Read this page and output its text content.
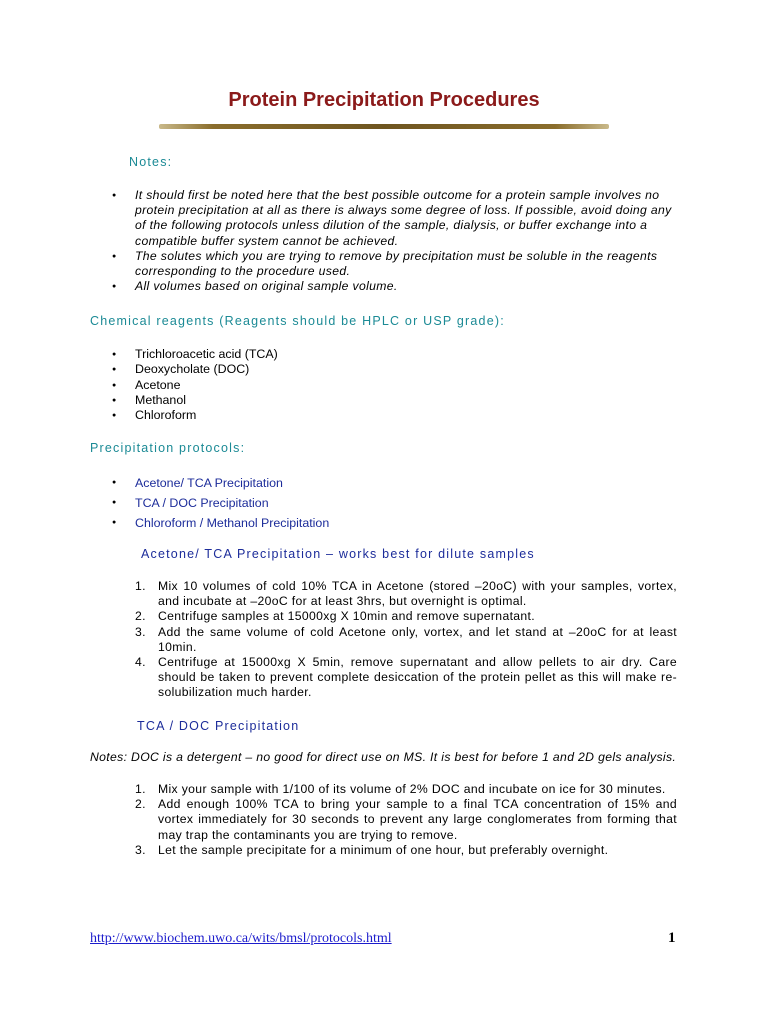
Protein Precipitation Procedures
Notes:
● It should first be noted here that the best possible outcome for a protein sample involves no protein precipitation at all as there is always some degree of loss. If possible, avoid doing any of the following protocols unless dilution of the sample, dialysis, or buffer exchange into a compatible buffer system cannot be achieved.
● The solutes which you are trying to remove by precipitation must be soluble in the reagents corresponding to the procedure used.
● All volumes based on original sample volume.
Chemical reagents (Reagents should be HPLC or USP grade):
● Trichloroacetic acid (TCA)
● Deoxycholate (DOC)
● Acetone
● Methanol
● Chloroform
Precipitation protocols:
● Acetone/ TCA Precipitation
● TCA / DOC Precipitation
● Chloroform / Methanol Precipitation
Acetone/ TCA Precipitation – works best for dilute samples
1. Mix 10 volumes of cold 10% TCA in Acetone (stored –20oC) with your samples, vortex, and incubate at –20oC for at least 3hrs, but overnight is optimal.
2. Centrifuge samples at 15000xg X 10min and remove supernatant.
3. Add the same volume of cold Acetone only, vortex, and let stand at –20oC for at least 10min.
4. Centrifuge at 15000xg X 5min, remove supernatant and allow pellets to air dry. Care should be taken to prevent complete desiccation of the protein pellet as this will make re-solubilization much harder.
TCA / DOC Precipitation
Notes: DOC is a detergent – no good for direct use on MS. It is best for before 1 and 2D gels analysis.
1. Mix your sample with 1/100 of its volume of 2% DOC and incubate on ice for 30 minutes.
2. Add enough 100% TCA to bring your sample to a final TCA concentration of 15% and vortex immediately for 30 seconds to prevent any large conglomerates from forming that may trap the contaminants you are trying to remove.
3. Let the sample precipitate for a minimum of one hour, but preferably overnight.
http://www.biochem.uwo.ca/wits/bmsl/protocols.html	1
